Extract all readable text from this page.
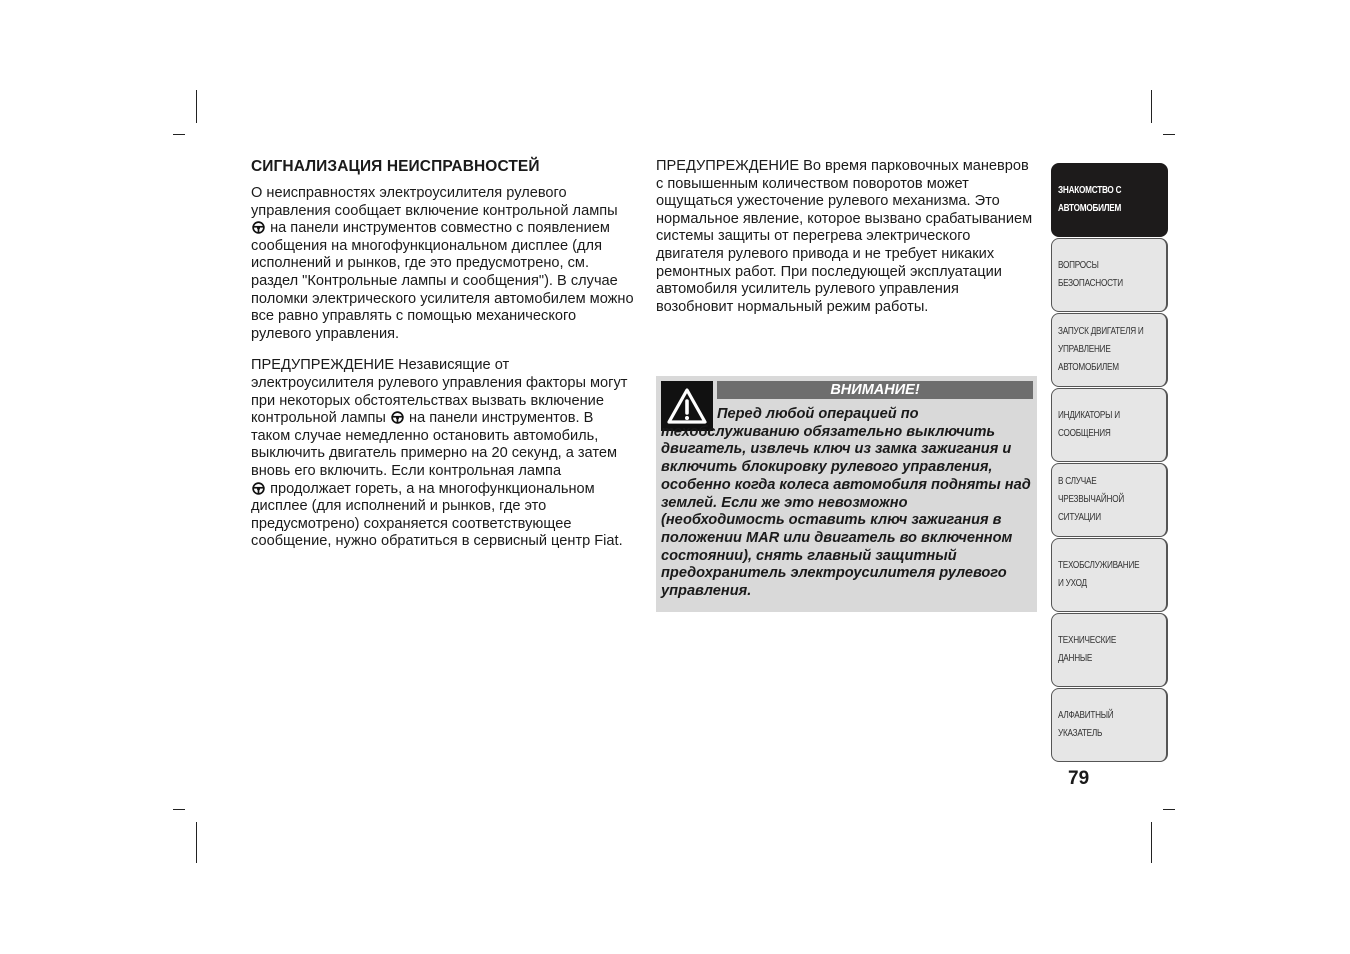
СИГНАЛИЗАЦИЯ НЕИСПРАВНОСТЕЙ

О неисправностях электроусилителя рулевого управления сообщает включение контрольной лампы
на панели инструментов совместно с появлением сообщения на многофункциональном дисплее (для исполнений и рынков, где это предусмотрено, см. раздел "Контрольные лампы и сообщения"). В случае поломки электрического усилителя автомобилем можно все равно управлять с помощью механического рулевого управления.

ПРЕДУПРЕЖДЕНИЕ Независящие от электроусилителя рулевого управления факторы могут при некоторых обстоятельствах вызвать включение контрольной лампы на панели инструментов. В таком случае немедленно остановить автомобиль, выключить двигатель примерно на 20 секунд, а затем вновь его включить. Если контрольная лампа

продолжает гореть, а на многофункциональном дисплее (для исполнений и рынков, где это предусмотрено) сохраняется соответствующее сообщение, нужно обратиться в сервисный центр Fiat.

ПРЕДУПРЕЖДЕНИЕ Во время парковочных маневров с повышенным количеством поворотов может ощущаться ужесточение рулевого механизма. Это нормальное явление, которое вызвано срабатыванием системы защиты от перегрева электрического двигателя рулевого привода и не требует никаких ремонтных работ. При последующей эксплуатации автомобиля усилитель рулевого управления возобновит нормальный режим работы.

ВНИМАНИЕ!
Перед любой операцией по техобслуживанию обязательно выключить двигатель, извлечь ключ из замка зажигания и включить блокировку рулевого управления, особенно когда колеса автомобиля подняты над землей. Если же это невозможно (необходимость оставить ключ зажигания в положении MAR или двигатель во включенном состоянии), снять главный защитный предохранитель электроусилителя рулевого управления.
ЗНАКОМСТВО С
АВТОМОБИЛЕМ
ВОПРОСЫ
БЕЗОПАСНОСТИ
ЗАПУСК ДВИГАТЕЛЯ И
УПРАВЛЕНИЕ
АВТОМОБИЛЕМ
ИНДИКАТОРЫ И
СООБЩЕНИЯ
В СЛУЧАЕ
ЧРЕЗВЫЧАЙНОЙ
СИТУАЦИИ
ТЕХОБСЛУЖИВАНИЕ
И УХОД
ТЕХНИЧЕСКИЕ
ДАННЫЕ
АЛФАВИТНЫЙ
УКАЗАТЕЛЬ
79
